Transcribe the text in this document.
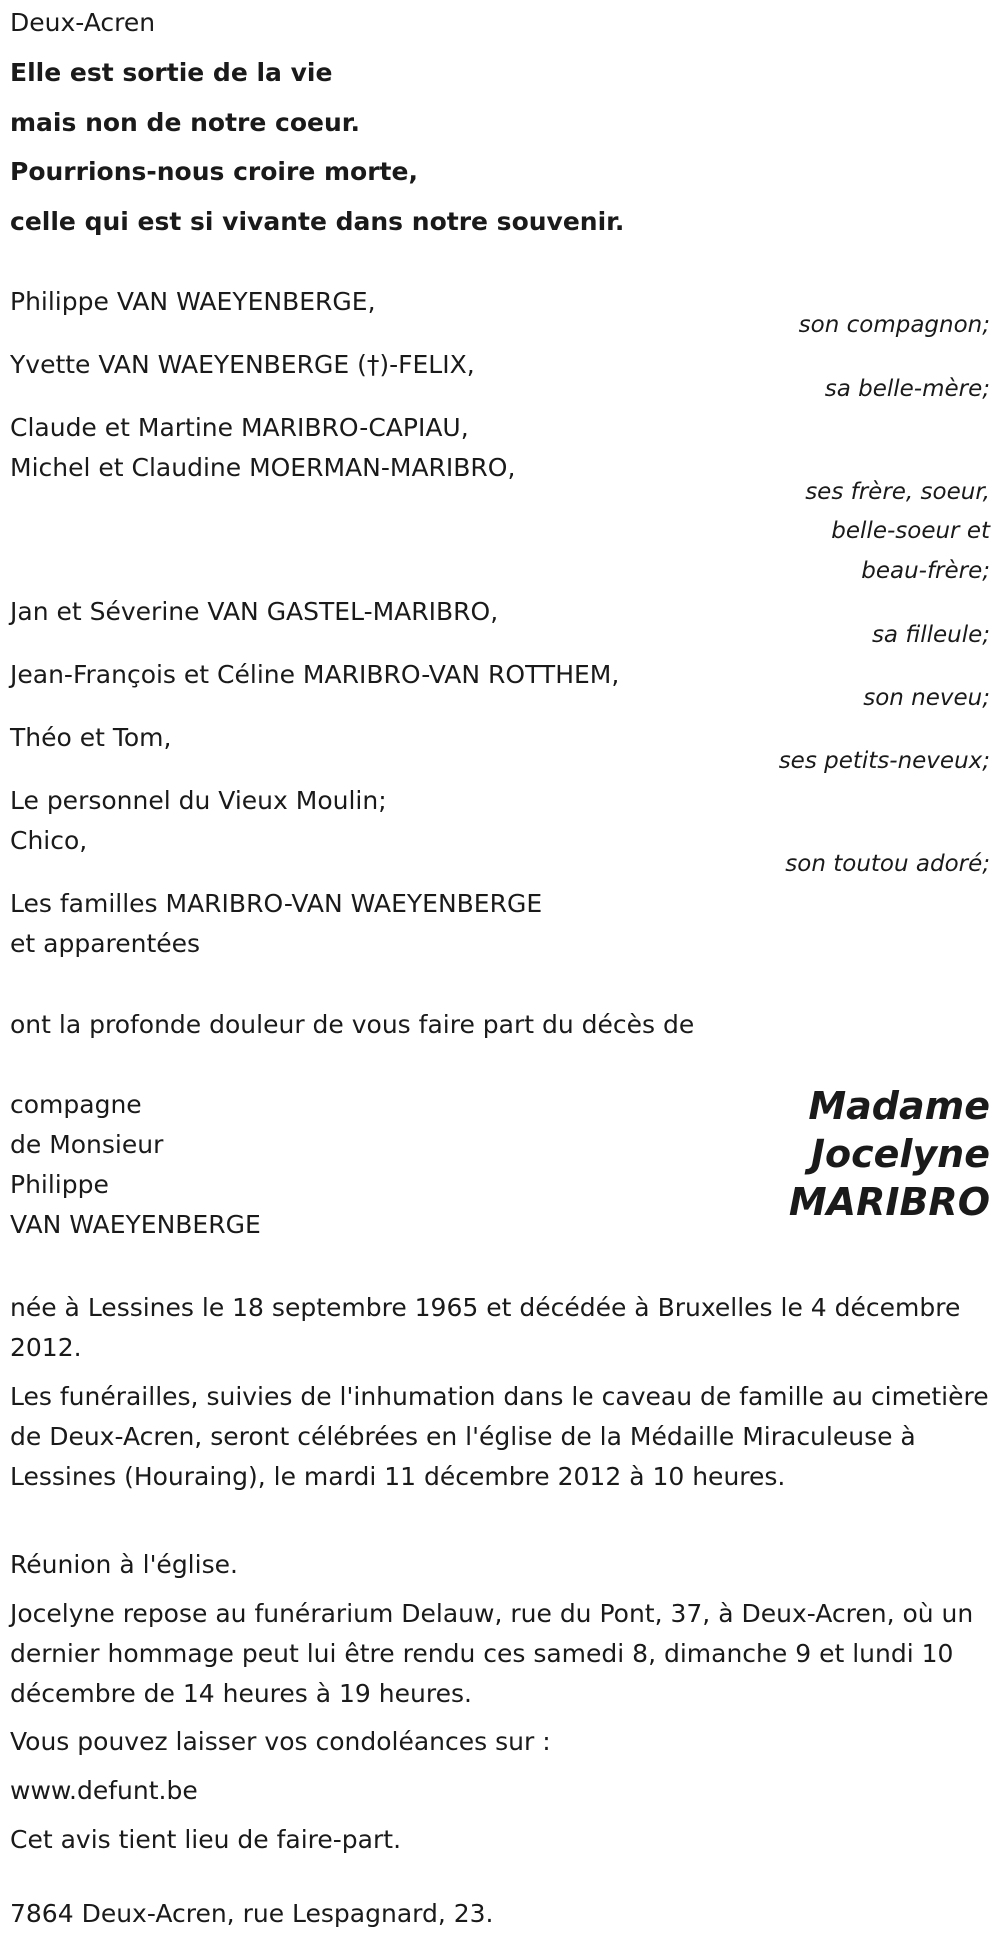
Deux-Acren

Elle est sortie de la vie

mais non de notre coeur.

Pourrions-nous croire morte,

celle qui est si vivante dans notre souvenir.

Philippe VAN WAEYENBERGE,

son compagnon;

Yvette VAN WAEYENBERGE (†)-FELIX,

sa belle-mère;

Claude et Martine MARIBRO-CAPIAU,

Michel et Claudine MOERMAN-MARIBRO,

ses frère, soeur,

belle-soeur et

beau-frère;

Jan et Séverine VAN GASTEL-MARIBRO,

sa filleule;

Jean-François et Céline MARIBRO-VAN ROTTHEM,

son neveu;

Théo et Tom,

ses petits-neveux;

Le personnel du Vieux Moulin;

Chico,

son toutou adoré;

Les familles MARIBRO-VAN WAEYENBERGE

et apparentées

ont la profonde douleur de vous faire part du décès de

compagne

de Monsieur

Philippe

VAN WAEYENBERGE

Madame

Jocelyne

MARIBRO

née à Lessines le 18 septembre 1965 et décédée à Bruxelles le 4 décembre 2012.

Les funérailles, suivies de l'inhumation dans le caveau de famille au cimetière de Deux-Acren, seront célébrées en l'église de la Médaille Miraculeuse à Lessines (Houraing), le mardi 11 décembre 2012 à 10 heures.

Réunion à l'église.

Jocelyne repose au funérarium Delauw, rue du Pont, 37, à Deux-Acren, où un dernier hommage peut lui être rendu ces samedi 8, dimanche 9 et lundi 10 décembre de 14 heures à 19 heures.

Vous pouvez laisser vos condoléances sur :

www.defunt.be

Cet avis tient lieu de faire-part.

7864 Deux-Acren, rue Lespagnard, 23.
